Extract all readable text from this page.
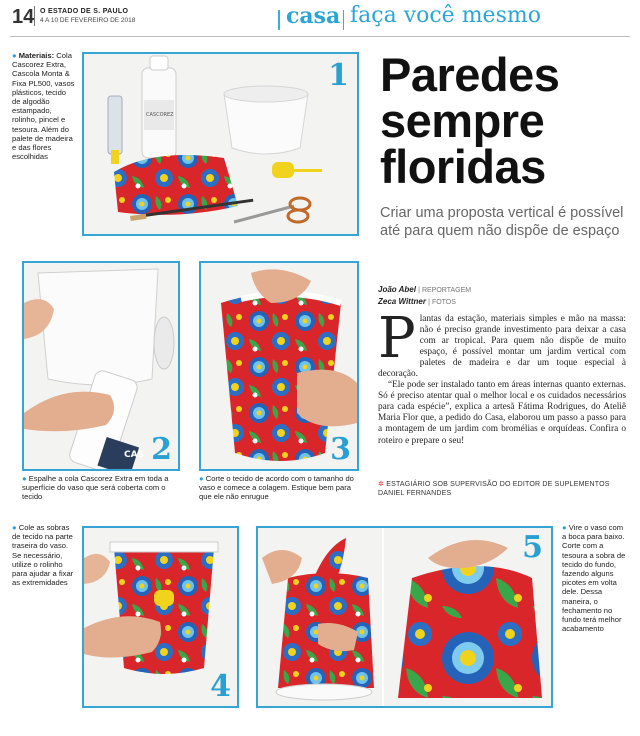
14 O ESTADO DE S. PAULO
4 A 10 DE FEVEREIRO DE 2018	casa faça você mesmo
● Materiais: Cola Cascorez Extra, Cascola Monta & Fixa PL500, vasos plásticos, tecido de algodão estampado, rolinho, pincel e tesoura. Além do palete de madeira e das flores escolhidas
CASCOREZ
1 Paredes
sempre
floridas
Criar uma proposta vertical é possível até para quem não dispõe de espaço
CAS 2
● Espalhe a cola Cascorez Extra em toda a superfície do vaso que será coberta com o tecido
3
● Corte o tecido de acordo com o tamanho do vaso e comece a colagem. Estique bem para que ele não enrugue
João Abel | REPORTAGEM
Zeca Wittner | FOTOS
P lantas da estação, materiais simples e mão na massa: não é preciso grande investimento para deixar a casa com ar tropical. Para quem não dispõe de muito espaço, é possível montar um jardim vertical com paletes de madeira e dar um toque especial à decoração.
“Ele pode ser instalado tanto em áreas internas quanto externas. Só é preciso atentar qual o melhor local e os cuidados necessários para cada espécie”, explica a artesã Fátima Rodrigues, do Ateliê Maria Flor que, a pedido do Casa, elaborou um passo a passo para a montagem de um jardim com bromélias e orquídeas. Confira o roteiro e prepare o seu!
✲ ESTAGIÁRIO SOB SUPERVISÃO DO EDITOR DE SUPLEMENTOS DANIEL FERNANDES
● Cole as sobras de tecido na parte traseira do vaso. Se necessário, utilize o rolinho para ajudar a fixar as extremidades
4
5
● Vire o vaso com a boca para baixo. Corte com a tesoura a sobra de tecido do fundo, fazendo alguns picotes em volta dele. Dessa maneira, o fechamento no fundo terá melhor acabamento
